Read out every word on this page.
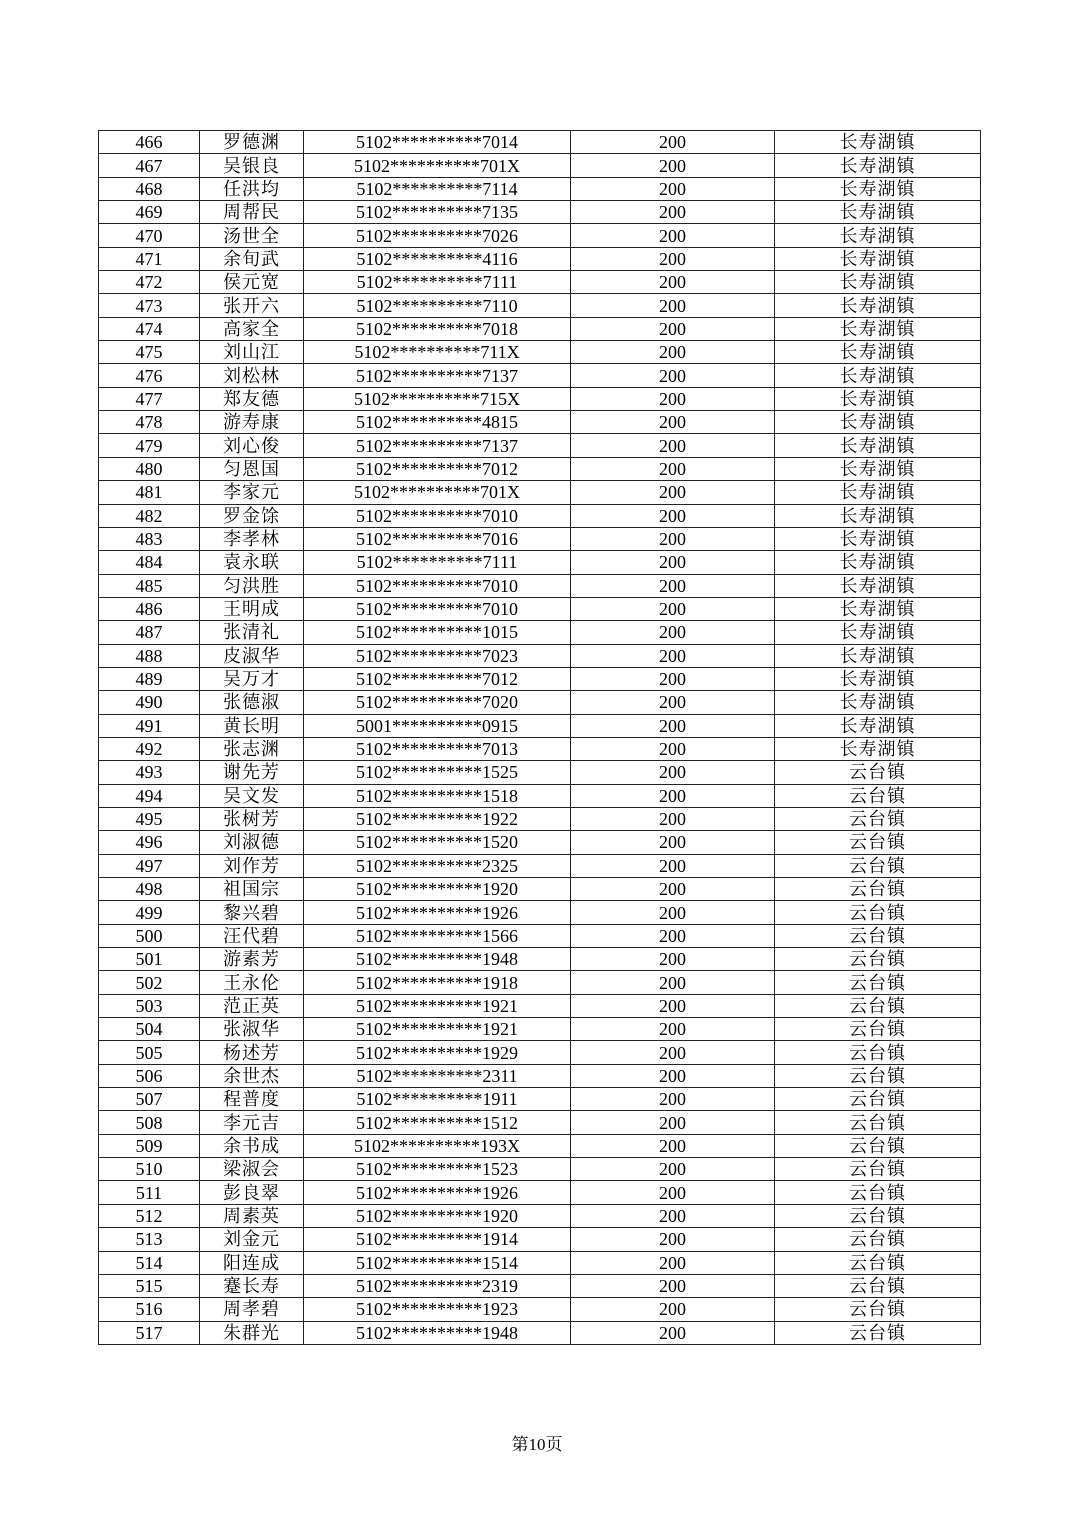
466	罗德渊	5102**********7014	200	长寿湖镇
467	吴银良	5102**********701X	200	长寿湖镇
468	任洪均	5102**********7114	200	长寿湖镇
469	周帮民	5102**********7135	200	长寿湖镇
470	汤世全	5102**********7026	200	长寿湖镇
471	余旬武	5102**********4116	200	长寿湖镇
472	侯元宽	5102**********7111	200	长寿湖镇
473	张开六	5102**********7110	200	长寿湖镇
474	高家全	5102**********7018	200	长寿湖镇
475	刘山江	5102**********711X	200	长寿湖镇
476	刘松林	5102**********7137	200	长寿湖镇
477	郑友德	5102**********715X	200	长寿湖镇
478	游寿康	5102**********4815	200	长寿湖镇
479	刘心俊	5102**********7137	200	长寿湖镇
480	匀恩国	5102**********7012	200	长寿湖镇
481	李家元	5102**********701X	200	长寿湖镇
482	罗金馀	5102**********7010	200	长寿湖镇
483	李孝林	5102**********7016	200	长寿湖镇
484	袁永联	5102**********7111	200	长寿湖镇
485	匀洪胜	5102**********7010	200	长寿湖镇
486	王明成	5102**********7010	200	长寿湖镇
487	张清礼	5102**********1015	200	长寿湖镇
488	皮淑华	5102**********7023	200	长寿湖镇
489	吴万才	5102**********7012	200	长寿湖镇
490	张德淑	5102**********7020	200	长寿湖镇
491	黄长明	5001**********0915	200	长寿湖镇
492	张志渊	5102**********7013	200	长寿湖镇
493	谢先芳	5102**********1525	200	云台镇
494	吴文发	5102**********1518	200	云台镇
495	张树芳	5102**********1922	200	云台镇
496	刘淑德	5102**********1520	200	云台镇
497	刘作芳	5102**********2325	200	云台镇
498	祖国宗	5102**********1920	200	云台镇
499	黎兴碧	5102**********1926	200	云台镇
500	汪代碧	5102**********1566	200	云台镇
501	游素芳	5102**********1948	200	云台镇
502	王永伦	5102**********1918	200	云台镇
503	范正英	5102**********1921	200	云台镇
504	张淑华	5102**********1921	200	云台镇
505	杨述芳	5102**********1929	200	云台镇
506	余世杰	5102**********2311	200	云台镇
507	程普度	5102**********1911	200	云台镇
508	李元吉	5102**********1512	200	云台镇
509	余书成	5102**********193X	200	云台镇
510	梁淑会	5102**********1523	200	云台镇
511	彭良翠	5102**********1926	200	云台镇
512	周素英	5102**********1920	200	云台镇
513	刘金元	5102**********1914	200	云台镇
514	阳连成	5102**********1514	200	云台镇
515	蹇长寿	5102**********2319	200	云台镇
516	周孝碧	5102**********1923	200	云台镇
517	朱群光	5102**********1948	200	云台镇
第10页
